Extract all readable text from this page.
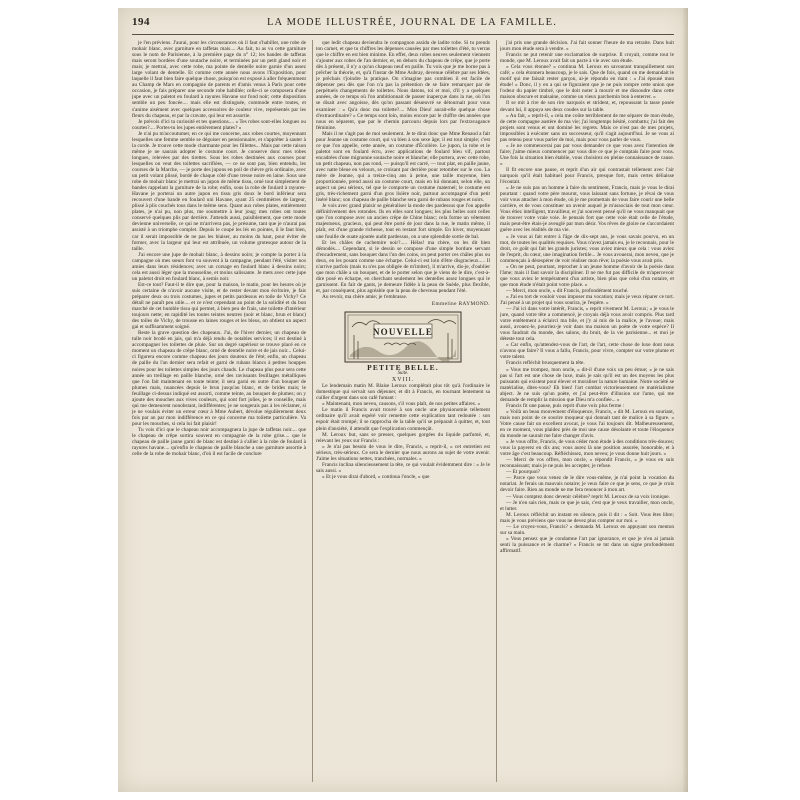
194	LA MODE ILLUSTRÉE, JOURNAL DE LA FAMILLE.

je l'en préviens. J'aurai, pour les circonstances où il faut s'habiller, une robe de mohair blanc, avec garniture en taffetas mais.... Au fait, tu as vu cette garniture sous le nom de Parisienne, à la première page du n° 12; les bandes de taffetas mais seront bordées d'une soutache noire, et terminées par un petit gland noir et mais; je mettrai, avec cette robe, ma pointe de dentelle noire garnie d'un assez large volant de dentelle. Et comme cette année nous avons l'Exposition, pour laquelle il faut bien faire quelque chose, puisqu'on est exposé à aller fréquemment au Champ de Mars en compagnie de parents et d'amis venus à Paris pour cette occasion, je fais préparer une seconde robe habillée; celle-ci se composera d'une jupe avec un paletot en foulard à rayures Havane sur fond noir; cette disposition semble un peu foncée.... mais elle est distinguée, commode entre toutes, et s'anime aisément avec quelques accessoires de couleur vive, représentés par les fleurs du chapeau, et par la cravate, qui leur est assortie.

Je prévois d'ici ta curiosité et tes questions.... « Tes robes sont-elles longues ou courtes?.... Portes-tu les jupes entièrement plates? »

Je n'ai pu m'accoutumer, en ce qui me concerne, aux robes courtes, moyennant lesquelles une femme semble se déguiser en pensionnaire, et s'apprêter à sauter à la corde. Je trouve cette mode charmante pour les fillettes... Mais par cette raison même je ne saurais adopter le costume court. Je conserve donc mes robes longues, relevées par des tirettes. Sous les robes destinées aux courses pour lesquelles on veut des toilettes sacrifiées, — ce ne sont pas, bien entendu, les courses de la Marche, — je porte des jupons en poil de chèvre gris ordinaire, avec un petit volant plissé, bordé de chaque côté d'une tresse noire en laine. Sous une robe de mohair blanc je mettrai un jupon de même tissu, orné tout simplement de bandes rappelant la garniture de la robe; enfin, sous la robe de foulard à rayures-Havane je porterai un autre jupon en tissu gris doux le bord inférieur sera recouvert d'une bande en foulard uni Havane, ayant 25 centimètres de largeur, plissé à plis couchés tous dans le même sens. Quant aux robes plates, entièrement plates, je n'ai pu, non plus, me soumettre à leur joug; mes robes ont toutes conservé quelques plis par derrière. J'attends aussi, paisiblement, que cette mode devienne universelle, ce qui ne m'arrivera pas, je présume, tant que je n'aurai pas assisté à un triomphe complet. Depuis le coupé les lés en pointes, il le faut bien, car il serait impossible de ne pas les biaiser, au moins du haut, pour éviter de former, avec la largeur qui leur est attribuée, un volume grotesque autour de la taille.

J'ai encore une jupe de mohair blanc, à dessins noirs; je compte la porter à la campagne où mes sœurs font vu souvent à la campagne, pendant l'été, visiter nos amies dans leurs résidences; avec un corsage en foulard blanc à dessins noirs; cela est aussi léger que la mousseline, et moins salissante. Je mets avec cette jupe un paletot droit en foulard blanc, à semis noir.

Est-ce tout? Faut-il te dire que, pour la maison, le matin, pour les heures où je suis certaine de n'avoir aucune visite, et de rester devant mon écritoire, je fais préparer deux ou trois costumes, jupes et petits pardessus en toile de Vichy? Ce détail ne paraît peu utile.... et ce n'est cependant au point de la solidité et du bon marché de cet humble tissu qui permet, à bien peu de frais, une toilette d'intérieur toujours nette; en rapidité les toutes teintes neutres (noir et blanc, brun et blanc) des toiles de Vichy, de trousse en laines rouges et les bleus, on obtient un aspect gai et suffisamment soigné.

Reste la grave question des chapeaux. J'ai, de l'hiver dernier, un chapeau de tulle noir brodé en jais, qui m'a déjà rendu de notables services; il est destiné à accompagner les toilettes de pluie. Sur un degré supérieur se trouve placé en ce moment un chapeau de crêpe blanc, orné de dentelle noire et de jais noir... Celui-ci figurera encore comme chapeau des jours douteux de l'été; enfin, un chapeau de paille du l'an dernier sera refait et garni de rubans blancs à petites houppes noires pour les toilettes simples des jours chauds. Le chapeau plus pour sera cette année un treillage en paille blanche, orné des ravissants feuillages métalliques que l'on fait maintenant en toute teinte; il sera garni en outre d'un bouquet de plumes mais, nuancées depuis le brun jusqu'au blanc, et de brides mais; le feuillage ci-dessus indiqué est assorti, comme teinte, au bouquet de plumes; on y ajoute des mouches aux vives couleurs, qui sont fort jolies, je te conseille, mais qui me demeurent nonobstant, indifférentes; je ne songerais pas à les réclamer, si je ne voulais éviter un erreur cœur à Mme Aubert, dévolue régulièrement deux fois par an par mon indifférence en ce qui concerne ma toilette particulière. Va pour les mouches, si cela lui fait plaisir!

Tu vois d'ici que le chapeau noir accompagnera la jupe de taffetas noir.... que le chapeau de crêpe sortira souvent en compagnie de la robe grise.... que le chapeau de paille jaune garni de blanc est destiné à s'allier à la robe de foulard à rayures havane.... qu'enfin le chapeau de paille blanche a une garniture assortie à celle de la robe de mohair blanc, d'où il est facile de conclure

que ledit chapeau deviendra le compagnon assidu de ladite robe. Si tu prends ton carnet, et que tu chiffres les dépenses causées par mes toilettes d'été, tu verras que le chiffre en est bien minime. En effet, deux robes neuves seulement viennent s'ajouter aux robes de l'an dernier, et, en dehors du chapeau de crêpe, que je porte dès à présent, il n'y a qu'un chapeau neuf en paille. Tu vois que je me borne pas à prêcher la théorie, et, qu'à l'instar de Mme Aubray, devenue célèbre par ses Idées, je prêchais t'joindre la pratique. On s'imagine pas combien il est facile de dépenser peu dès que l'on n'a pas la prétention de se faire remarquer par de perpétuels changements de toilettes. Nous datons, toi et moi, d'il y a quelques années, de ce temps où l'on ambitionnait de passer inaperçue dans la rue, où l'on se disait avec angoisse, dès qu'on passant désœuvré se détournait pour vous examiner : « Qu'a donc ma toilette?.... Mon Dieu! aurait-elle quelque chose d'extraordinaire? » Ce temps sont loin, moins encore par le chiffre des années que nous en séparent, que par le chemin parcouru depuis lors par l'extravagance féminine.

Mais il ne s'agit pas de moi seulement. Je te dirai donc que Mme Renaud a fait pour Jeanne un costume court, qui va bien à son sexe âge; il est tout simple; c'est ce que l'on appelle, cette année, un costume d'Écolière. Le jupon, la robe et le paletot sont en foulard écru, avec applications de foulard bleu vif, partout encadrées d'une mignonne soutache noire et blanche; elle portera, avec cette robe, un petit chapeau, non pas rond, — puisqu'il est carré, — tout plat, en paille jaune, avec natte bleue en velours, se croisant par derrière pour retomber sur le cou. La mère de Jeanne, qui a treize-cinq ans à peine, une taille moyenne, bien proportionnée, prend aussi un costume court, mais en lui donnant, selon elle, un aspect un peu sérieux, tel que le comporte un costume maternel; le costume est gris, très-richement garni d'un gros lisière noir, partout accompagné d'un petit liséré blanc; son chapeau de paille blanche sera garni de rubans rouges et noirs.

Je vois avec grand plaisir se généraliser la mode des pardessus que l'on appelle définitivement des rotondes. Ils en elles sont longues; les plus belles sont celles que l'on compose avec un ancien crêpe de Chine blanc; cela forme un vêtement majestueux, gracieux, qui peut être porté de jour dans la rue, le matin même, il plaît, est d'une grande richesse, tout en restant fort simple. En hiver, moyennant une fouille de ouate ajoutée audit pardessus, on a une splendide sortie de bal.

Et les châles de cachemire noir?..... Hélas! ma chère, on les dit bien démodés.... Cependant, si le dessin se compose d'une simple bordure servant d'encadrement, sans bouquet dans l'un des coins, on peut porter ces châles plus ou deux, en les posant comme une écharpe. Celui-ci est loin d'être disgracieux..... Il n'arrive parfois (mais tu n'es pas obligée de m'imiter), il m'arrive, dis-je, d'oublier que mon châle a un bouquet, et de le porter selon que je viens de le dire, c'est-à-dire posé en écharpe, en cherchant seulement les dentelles assez longues qui le garnissent. En fait de gants, je demeure fidèle à la peau de Suède, plus flexible, et, par conséquent, plus agréable que la peau de chevreau pendant l'été.

Au revoir, ma chère amie; je t'embrasse.

Emmeline RAYMOND.

NOUVELLE

PETITE BELLE.

Suite.

XVIII.

Le lendemain matin M. Blaise Leroux complétait plus tôt qu'à l'ordinaire le domestique qui servait son déjeuner, et dit à Francis, en tournant lentement sa cuiller d'argent dans son café fumant :

« Maintenant, mon neveu, causons, s'il vous plaît, de nos petites affaires. »

Le matin il Francis avait trouvé à son oncle une physionomie tellement ordinaire qu'il avait espéré voir remettre cette explication tant redoutée : son espoir était trompé; il se rapprocha de la table qu'il se préparait à quitter, et, tout plein d'anxiété, il attendit que l'explication commençât.

M. Leroux but, sans se presser, quelques gorgées du liquide parfumé, et, relevant les yeux sur Francis :

« Je n'ai pas besoin de vous le dire, Francis, » reprit-il, « cet entretien est sérieux, très-sérieux. Ce sera le dernier que nous aurons au sujet de votre avenir. J'aime les situations nettes, tranchées, normales. »

Francis inclina silencieusement la tête, ce qui voulait évidemment dire : « Je le sais aussi. »

« Et je vous dirai d'abord, » continua l'oncle, « que

j'ai pris une grande décision. J'ai fait sonner l'heure de ma retraite. Dans huit jours mon étude sera à vendre. »

Francis ne put retenir une exclamation de surprise. Il croyait, comme tout le monde, que M. Leroux avait fait un pacte à vie avec son étude.

« Cela vous étonne? » continua M. Leroux en savourant tranquillement son café; « cela étonnera beaucoup, je le sais. Que de fois, quand on me demandait le motif qui me faisait rester garçon, ai-je répondu en riant : « J'ai épousé mon étude! » Donc, il y en a qui se figuraient que je ne puis rompre cette union que l'odeur du papier timbré, que le doit noter à mourir et me dissoudre dans cette maison obscure et malsaine, comme un vieux parchemin bon à enterrer. »

Il se mit à rire de son rire narquois et strident, et, repoussant la tasse posée devant lui, il appuya ses deux coudes sur la table.

« Au fait, » reprit-il, « cela me coûte terriblement de me séparer de mon étude, de cette compagne austère de ma vie; j'ai longtemps hésité, combattu; j'ai fait des projets sont venus et ont dominé les regrets. Mais ce n'est pas de mes projets, impossibles à exécuter sans un successeur, qu'il s'agit aujourd'hui. Je ne vous ai pas retenu pour vous parler de moi, mais pour vous parler de vous.

« Je ne commencerai pas par vous demander ce que vous avez l'intention de faire; j'aime mieux commencer par vous dire ce que je comptais faire pour vous. Une fois la situation bien établie, vous choisirez en pleine connaissance de cause. »

Il fit encore une pause, et reprit d'un air qui contrastait tellement avec l'air narquois qu'il était habituel pour Francis, presque fort, mais certes déliaisse l'écoutait.

« Je ne suis pas un homme à faire du sentiment, Francis, mais je vous le dirai pourtant : quand votre père mourut, vous laissant sans fortune, je rêvai de vous voir vous attacher à mon étude, où je me promettais de vous faire courir une belle carrière, et de vous constituer un avenir auquel je m'associais de tout mon cœur. Vous étiez intelligent, travailleur, et j'ai souvent pensé qu'il ne vous manquait que de trouver votre vraie voie. Je pensais fort que cette voie était celle de l'étude, mais peut-être étais-je aveuglé par mon désir. Vos rêves de gloire ne s'accordaient guère avec les réalités de ma vie.

« Je vous ai fait entrer à l'âge de dix-sept ans, je vous savais pourvu, en un mot, de toutes les qualités requises. Vous n'avez jamais eu, je le reconnais, pour le droit, ce goût qui fait les grands juristes; vous aviez mieux que cela : vous aviez de l'esprit, du cœur, une imagination fertile... Je vous avouerai, mon neveu, que je commençais à désespérer de voir réaliser mon rêve; la poésie vous avait pris.

« On ne peut, pourtant, reprocher à un jeune homme d'avoir de la poésie dans l'âme; mais il faut savoir la discipliner. Il ne me fut pas difficile de m'apercevoir que vous aviez le tempérament d'un artiste, bien plus que celui d'un notaire, et que mon étude n'était point votre place. »

— Merci, mon oncle, » dit Francis, profondément touché.

« J'ai eu tort de vouloir vous imposer ma vocation; mais je veux réparer ce tort. J'ai pensé à un projet qui vous sourira, je l'espère. »

— J'ai ici dans votre intérêt, Francis, » reprit vivement M. Leroux; « je vous le jure, quand votre tête a commencé, je croyais déjà vous avoir compris. Plus tard votre entêtement a éclairci ma bile, et j'y ai mis de la malice, je l'avoue; mais aussi, avouez-le, pourriez-je voir dans ma maison un poète de votre espèce? Il vous faudrait du monde, des salons, du bruit, de la vie parisienne... et moi je déteste tout cela.

« Car enfin, qu'attendez-vous de l'art, de l'art, cette chose de luxe dont nous n'avons que faire? Il vous a fallu, Francis, pour vivre, compter sur votre plume et votre talent.

Francis refléchit brusquement la tête.

« Vous me trompez, mon oncle, » dit-il d'une voix un peu émue; « je ne sais pas si l'art est une chose de luxe, mais je sais qu'il est un des moyens les plus puissants qui existent pour élever et moraliser la nature humaine. Notre société se matérialise, dites-vous? Eh bien! l'art combat victorieusement ce matérialisme abject. Je ne suis qu'un poète, et j'ai peut-être d'illusion sur l'ame, qui me demande de remplir la mission que Dieu m'a confiée... »

Francis fit une pause, puis reprit d'une voix plus ferme :

« Voilà un beau mouvement d'éloquence, Francis, » dit M. Leroux en souriant, mais non point de ce sourire moqueur qui donnait tant de malice à sa figure. « Votre cause fait un excellent avocat, je vous l'ai toujours dit. Malheureusement, en ce moment, vous plaidez près de moi une cause désolante et toute l'éloquence du monde ne saurait me faire changer d'avis.

« Je vous offre, Francis, de vous céder mon étude à des conditions très-douces; vous la payerez en dix ans; vous aurez là une position assurée, honorable, et à votre âge c'est beaucoup. Réfléchissez, mon neveu; je vous donne huit jours. »

— Merci de vos offres, mon oncle, » répondit Francis, « je vous en suis reconnaissant; mais je ne puis les accepter, je refuse.

— Et pourquoi?

— Parce que vous venez de le dire vous-même, je n'ai point la vocation du notariat. Je ferais un mauvais notaire; je veux faire ce que je sens, ce que je crois devoir faire. Rien au monde ne me fera renoncer à mon art.

— Vous comptez donc devenir célèbre? reprit M. Leroux de sa voix ironique.

— Je n'en sais rien, mais ce que je sais, c'est que je veux travailler, mon oncle, et lutter.

M. Leroux réfléchit un instant en silence, puis il dit : « Soit. Vous êtes libre; mais je vous préviens que vous ne devez plus compter sur moi. »

— Le croyez-vous, Francis? » demanda M. Leroux en appuyant son menton sur sa main.

« Vous pensez que je condamne l'art par ignorance, et que je n'en ai jamais senti la puissance et le charme? » Francis se tut dans un signe profondément affirmatif.
